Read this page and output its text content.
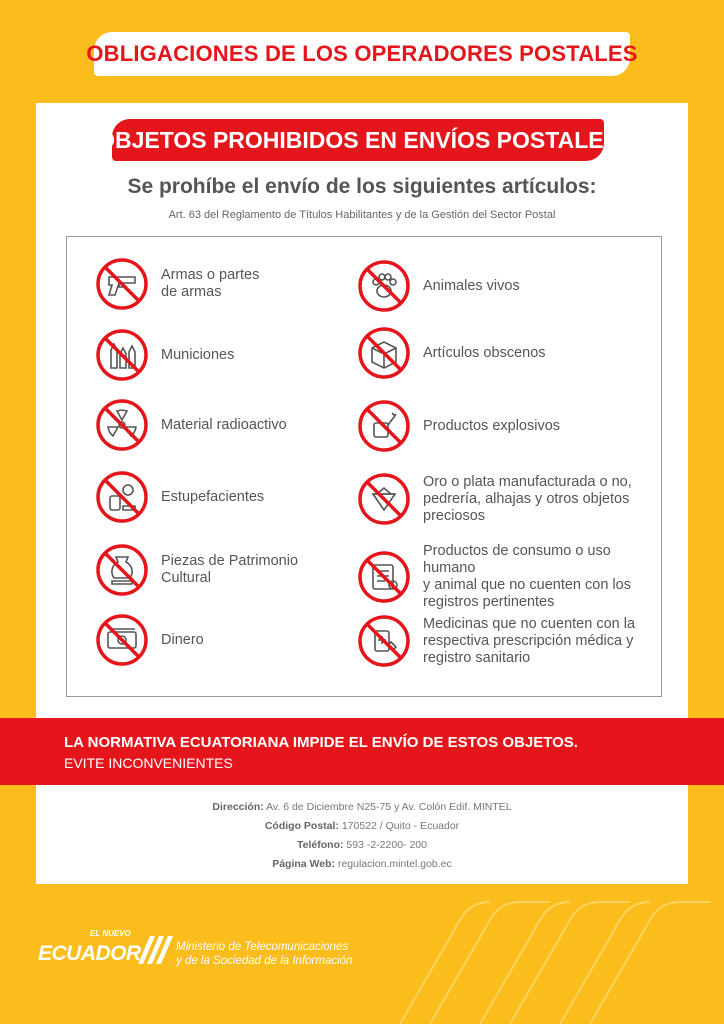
OBLIGACIONES DE LOS OPERADORES POSTALES
OBJETOS PROHIBIDOS EN ENVÍOS POSTALES
Se prohíbe el envío de los siguientes artículos:
Art. 63 del Reglamento de Títulos Habilitantes y de la Gestión del Sector Postal
Armas o partes
de armas
Municiones
Material radioactivo
Estupefacientes
Piezas de Patrimonio
Cultural
Dinero
Animales vivos
Artículos obscenos
Productos explosivos
Oro o plata manufacturada o no,
pedrería, alhajas y otros objetos
preciosos
Productos de consumo o uso humano
y animal que no cuenten con los
registros pertinentes
Medicinas que no cuenten con la
respectiva prescripción médica y
registro sanitario
LA NORMATIVA ECUATORIANA IMPIDE EL ENVÍO DE ESTOS OBJETOS.
EVITE INCONVENIENTES
Dirección: Av. 6 de Diciembre N25-75 y Av. Colón Edif. MINTEL
Código Postal: 170522 / Quito - Ecuador
Teléfono: 593 -2-2200- 200
Página Web: regulacion.mintel.gob.ec
EL NUEVO
ECUADOR	Ministerio de Telecomunicaciones
y de la Sociedad de la Información
